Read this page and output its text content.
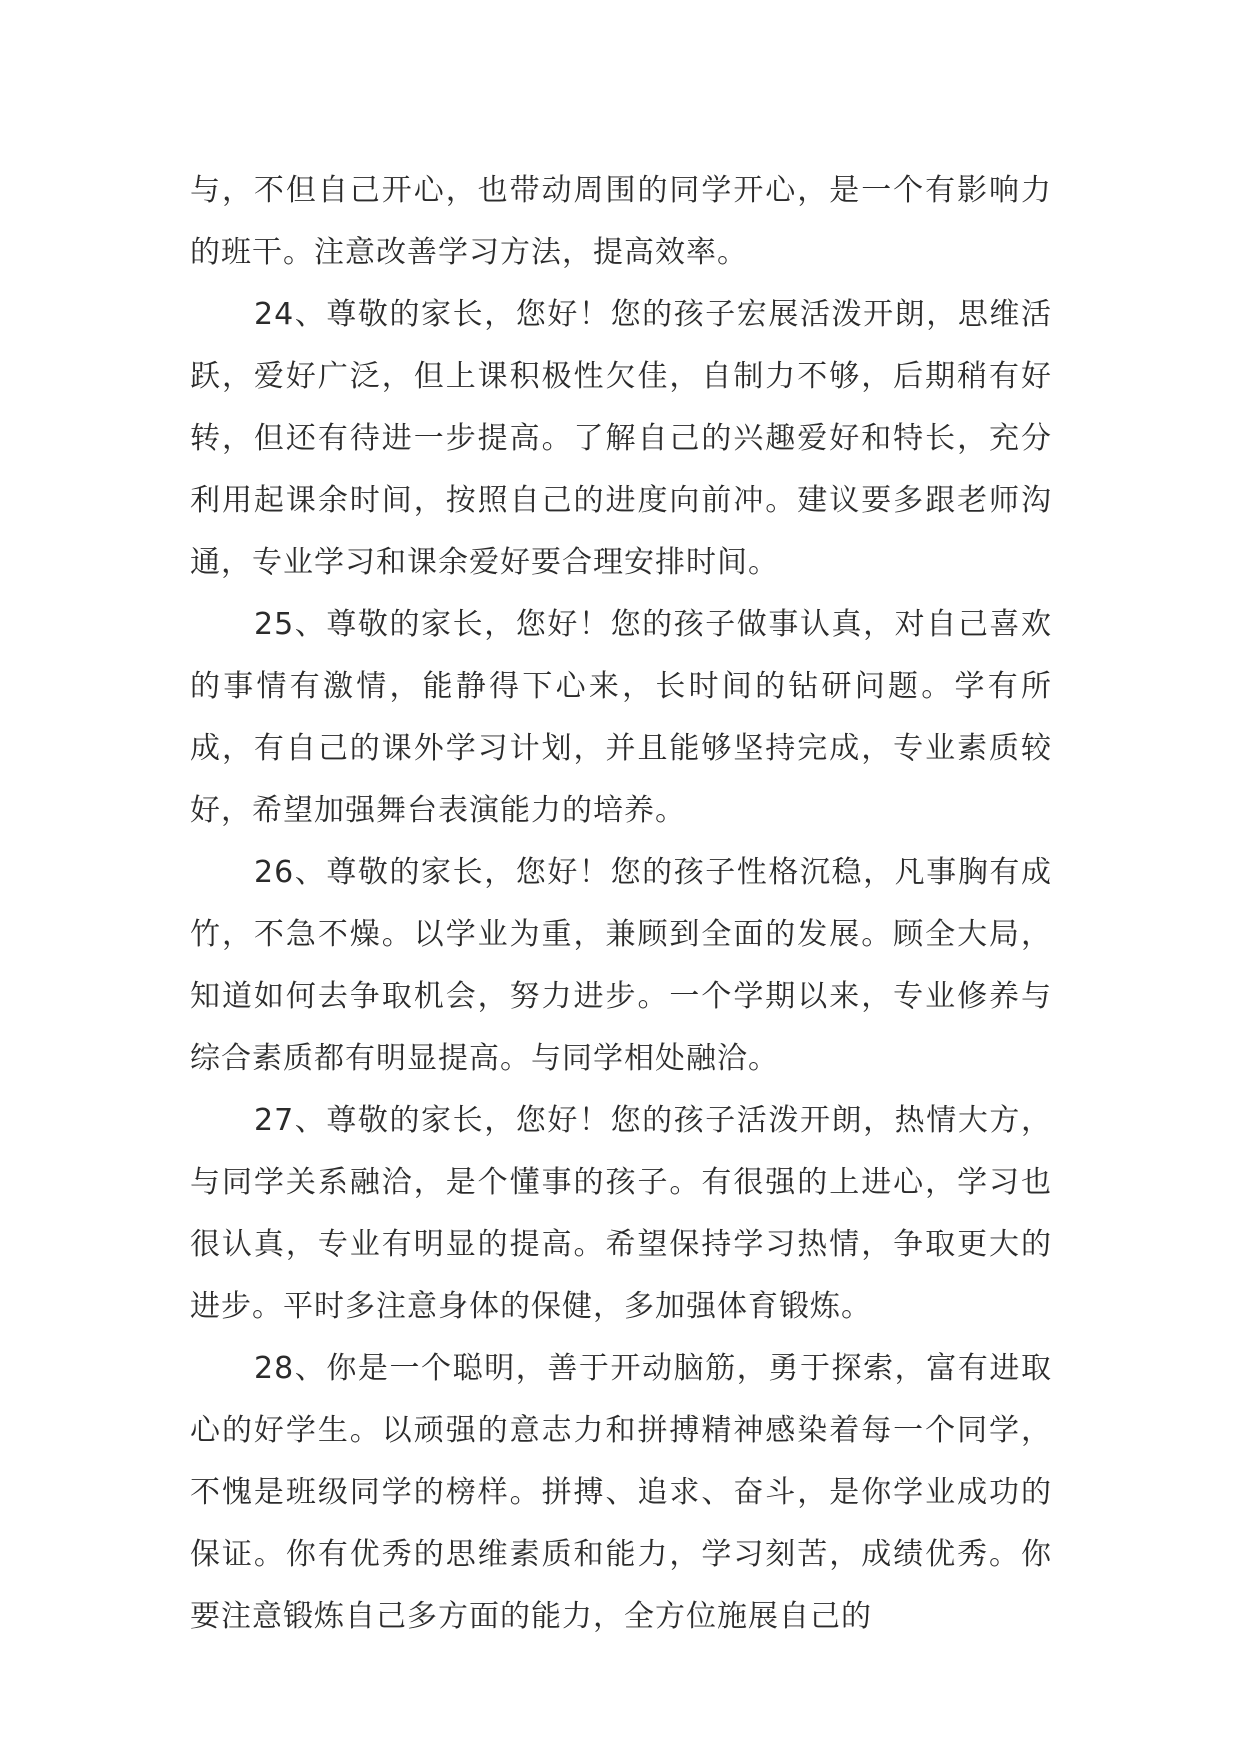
与，不但自己开心，也带动周围的同学开心，是一个有影响力的班干。注意改善学习方法，提高效率。

24、尊敬的家长，您好！您的孩子宏展活泼开朗，思维活跃，爱好广泛，但上课积极性欠佳，自制力不够，后期稍有好转，但还有待进一步提高。了解自己的兴趣爱好和特长，充分利用起课余时间，按照自己的进度向前冲。建议要多跟老师沟通，专业学习和课余爱好要合理安排时间。

25、尊敬的家长，您好！您的孩子做事认真，对自己喜欢的事情有激情，能静得下心来，长时间的钻研问题。学有所成，有自己的课外学习计划，并且能够坚持完成，专业素质较好，希望加强舞台表演能力的培养。

26、尊敬的家长，您好！您的孩子性格沉稳，凡事胸有成竹，不急不燥。以学业为重，兼顾到全面的发展。顾全大局，知道如何去争取机会，努力进步。一个学期以来，专业修养与综合素质都有明显提高。与同学相处融洽。

27、尊敬的家长，您好！您的孩子活泼开朗，热情大方，与同学关系融洽，是个懂事的孩子。有很强的上进心，学习也很认真，专业有明显的提高。希望保持学习热情，争取更大的进步。平时多注意身体的保健，多加强体育锻炼。

28、你是一个聪明，善于开动脑筋，勇于探索，富有进取心的好学生。以顽强的意志力和拼搏精神感染着每一个同学，不愧是班级同学的榜样。拼搏、追求、奋斗，是你学业成功的保证。你有优秀的思维素质和能力，学习刻苦，成绩优秀。你要注意锻炼自己多方面的能力，全方位施展自己的
